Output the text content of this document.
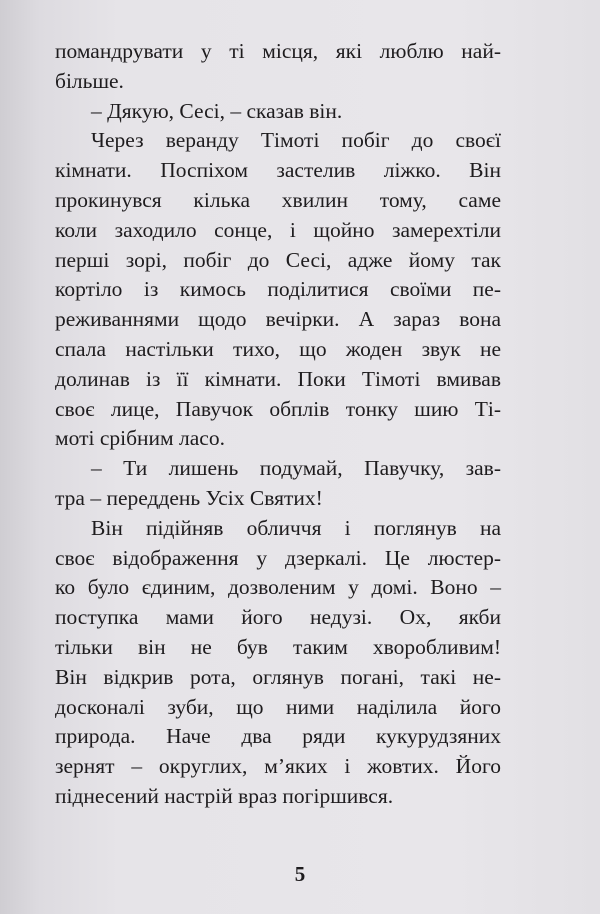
помандрувати у ті місця, які люблю най-
більше.
– Дякую, Сесі, – сказав він.
Через веранду Тімоті побіг до своєї
кімнати. Поспіхом застелив ліжко. Він
прокинувся кілька хвилин тому, саме
коли заходило сонце, і щойно замерехтіли
перші зорі, побіг до Сесі, адже йому так
кортіло із кимось поділитися своїми пе-
реживаннями щодо вечірки. А зараз вона
спала настільки тихо, що жоден звук не
долинав із її кімнати. Поки Тімоті вмивав
своє лице, Павучок обплів тонку шию Ті-
моті срібним ласо.
– Ти лишень подумай, Павучку, зав-
тра – переддень Усіх Святих!
Він підійняв обличчя і поглянув на
своє відображення у дзеркалі. Це люстер-
ко було єдиним, дозволеним у домі. Воно –
поступка мами його недузі. Ох, якби
тільки він не був таким хворобливим!
Він відкрив рота, оглянув погані, такі не-
досконалі зуби, що ними наділила його
природа. Наче два ряди кукурудзяних
зернят – округлих, м’яких і жовтих. Його
піднесений настрій враз погіршився.
5
